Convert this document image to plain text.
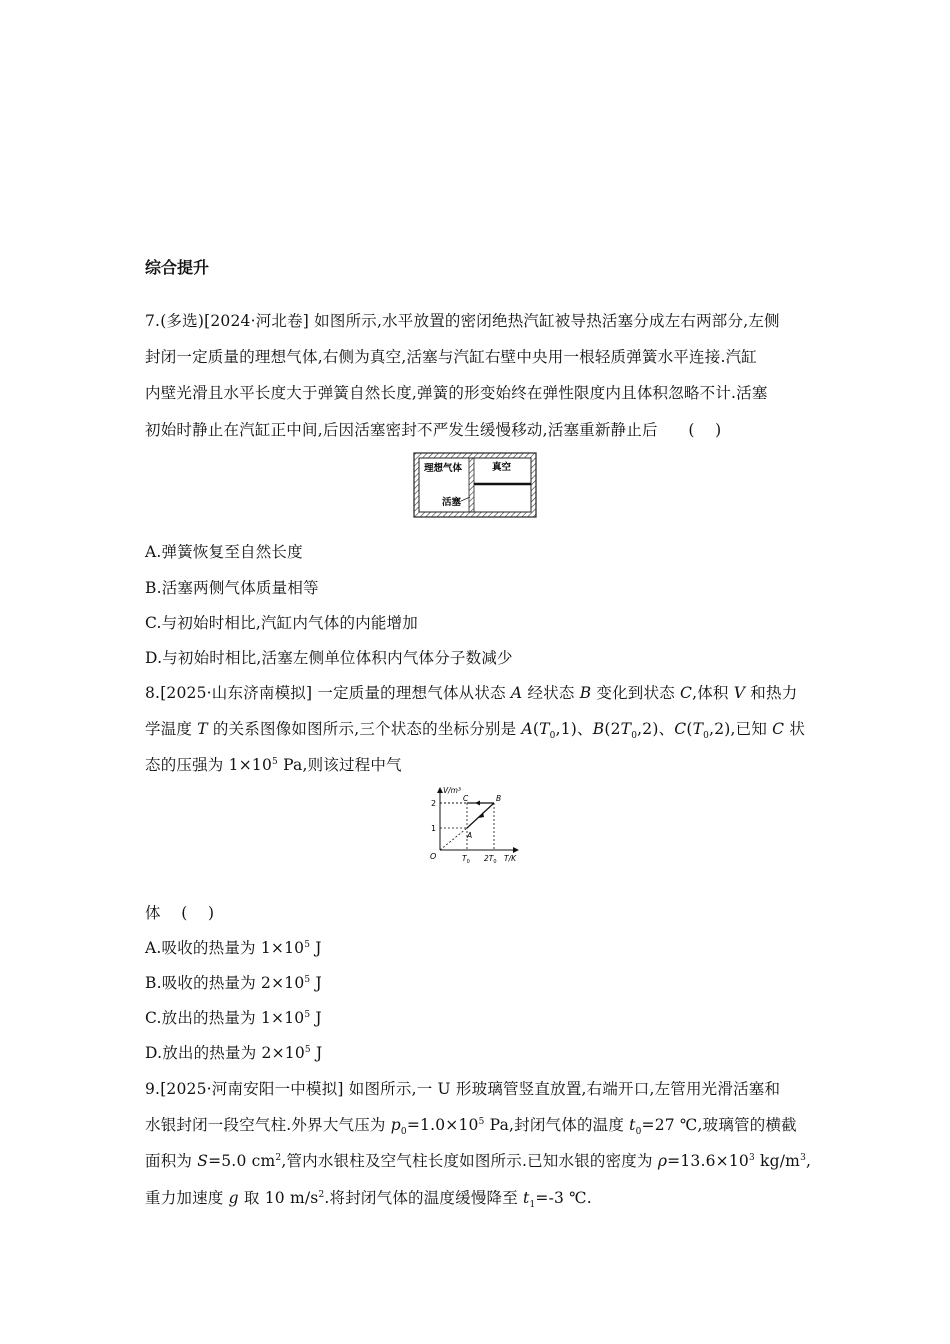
综合提升
7.(多选)[2024·河北卷] 如图所示,水平放置的密闭绝热汽缸被导热活塞分成左右两部分,左侧
封闭一定质量的理想气体,右侧为真空,活塞与汽缸右壁中央用一根轻质弹簧水平连接.汽缸
内壁光滑且水平长度大于弹簧自然长度,弹簧的形变始终在弹性限度内且体积忽略不计.活塞
初始时静止在汽缸正中间,后因活塞密封不严发生缓慢移动,活塞重新静止后      (    )
理想气体	真空
活塞
A.弹簧恢复至自然长度
B.活塞两侧气体质量相等
C.与初始时相比,汽缸内气体的内能增加
D.与初始时相比,活塞左侧单位体积内气体分子数减少
8.[2025·山东济南模拟] 一定质量的理想气体从状态 A 经状态 B 变化到状态 C,体积 V 和热力
学温度 T 的关系图像如图所示,三个状态的坐标分别是 $A(T_0,1)$、$B(2T_0,2)$、$C(T_0,2)$,已知 C 状
态的压强为 $1\times 10^5$ Pa,则该过程中气
V/m³
T/K
O
2
1
A
B
C
$T_0$ $2T_0$
体    (    )
A.吸收的热量为 $1\times 10^5$ J
B.吸收的热量为 $2\times 10^5$ J
C.放出的热量为 $1\times 10^5$ J
D.放出的热量为 $2\times 10^5$ J
9.[2025·河南安阳一中模拟] 如图所示,一 U 形玻璃管竖直放置,右端开口,左管用光滑活塞和
水银封闭一段空气柱.外界大气压为 $p_0=1.0\times 10^5$ Pa,封闭气体的温度 $t_0=27$ ℃,玻璃管的横截
面积为 S=5.0 $cm^2$,管内水银柱及空气柱长度如图所示.已知水银的密度为 $\rho=13.6\times 10^3$ $kg/m^3$,
重力加速度 g 取 10 $m/s^2$.将封闭气体的温度缓慢降至 $t_1=-3$ ℃.
